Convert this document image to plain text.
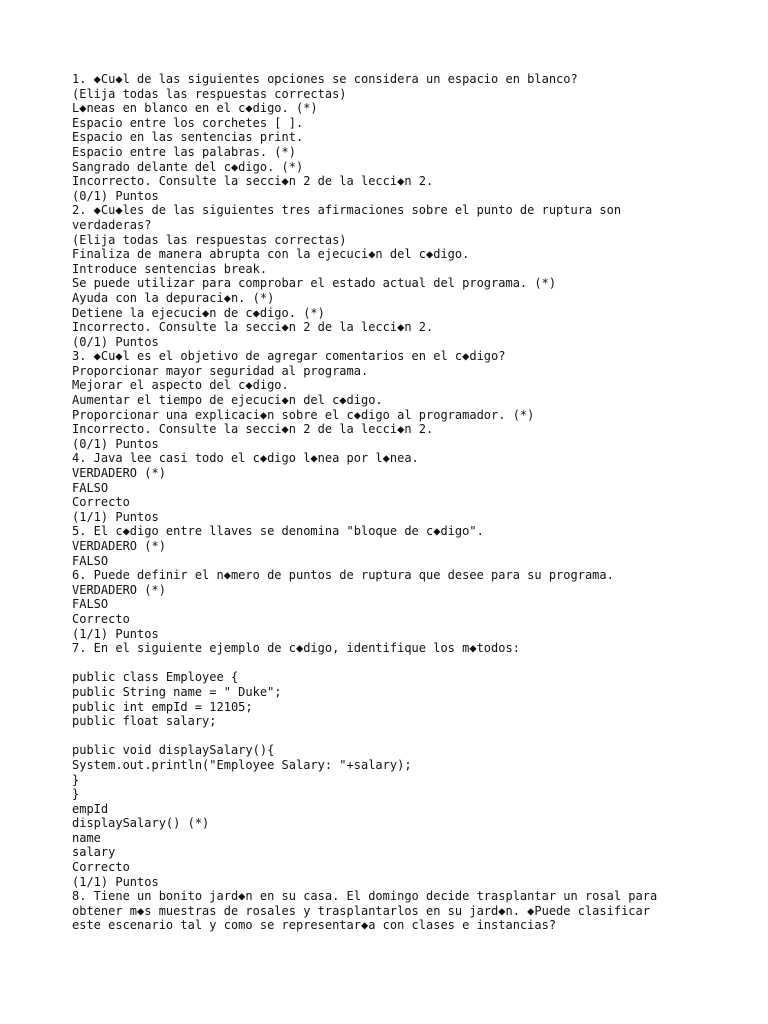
1. ◆Cu◆l de las siguientes opciones se considera un espacio en blanco?
(Elija todas las respuestas correctas)
L◆neas en blanco en el c◆digo. (*)
Espacio entre los corchetes [ ].
Espacio en las sentencias print.
Espacio entre las palabras. (*)
Sangrado delante del c◆digo. (*)
Incorrecto. Consulte la secci◆n 2 de la lecci◆n 2.
(0/1) Puntos
2. ◆Cu◆les de las siguientes tres afirmaciones sobre el punto de ruptura son
verdaderas?
(Elija todas las respuestas correctas)
Finaliza de manera abrupta con la ejecuci◆n del c◆digo.
Introduce sentencias break.
Se puede utilizar para comprobar el estado actual del programa. (*)
Ayuda con la depuraci◆n. (*)
Detiene la ejecuci◆n de c◆digo. (*)
Incorrecto. Consulte la secci◆n 2 de la lecci◆n 2.
(0/1) Puntos
3. ◆Cu◆l es el objetivo de agregar comentarios en el c◆digo?
Proporcionar mayor seguridad al programa.
Mejorar el aspecto del c◆digo.
Aumentar el tiempo de ejecuci◆n del c◆digo.
Proporcionar una explicaci◆n sobre el c◆digo al programador. (*)
Incorrecto. Consulte la secci◆n 2 de la lecci◆n 2.
(0/1) Puntos
4. Java lee casi todo el c◆digo l◆nea por l◆nea.
VERDADERO (*)
FALSO
Correcto
(1/1) Puntos
5. El c◆digo entre llaves se denomina "bloque de c◆digo".
VERDADERO (*)
FALSO
6. Puede definir el n◆mero de puntos de ruptura que desee para su programa.
VERDADERO (*)
FALSO
Correcto
(1/1) Puntos
7. En el siguiente ejemplo de c◆digo, identifique los m◆todos:
public class Employee {
public String name = " Duke";
public int empId = 12105;
public float salary;
public void displaySalary(){
System.out.println("Employee Salary: "+salary);
}
}
empId
displaySalary() (*)
name
salary
Correcto
(1/1) Puntos
8. Tiene un bonito jard◆n en su casa. El domingo decide trasplantar un rosal para
obtener m◆s muestras de rosales y trasplantarlos en su jard◆n. ◆Puede clasificar
este escenario tal y como se representar◆a con clases e instancias?
